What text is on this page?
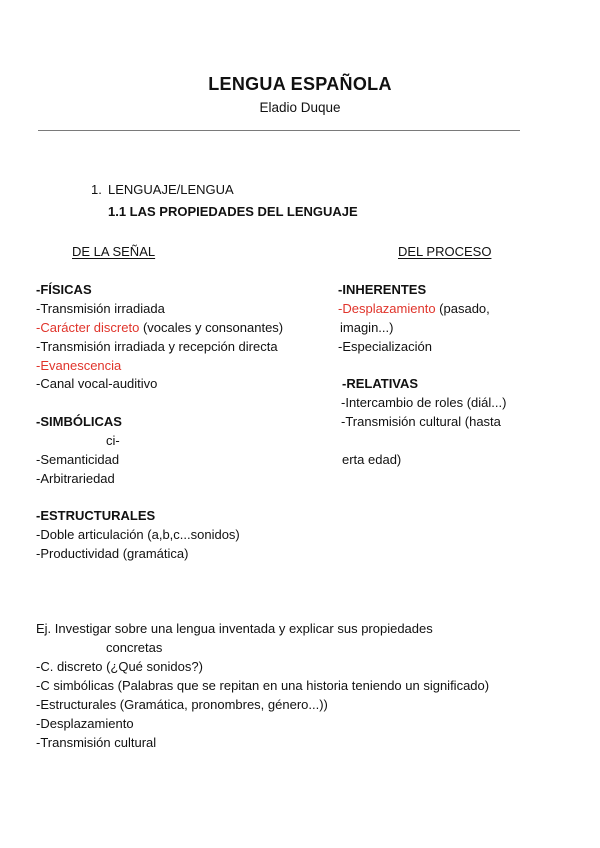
LENGUA ESPAÑOLA
Eladio Duque
1. LENGUAJE/LENGUA
1.1 LAS PROPIEDADES DEL LENGUAJE
DE LA SEÑAL	DEL PROCESO
-FÍSICAS
-Transmisión irradiada
-Carácter discreto (vocales y consonantes)
-Transmisión irradiada y recepción directa
-Evanescencia
-Canal vocal-auditivo
-SIMBÓLICAS
ci-
-Semanticidad
-Arbitrariedad
-ESTRUCTURALES
-Doble articulación (a,b,c...sonidos)
-Productividad (gramática)
-INHERENTES
-Desplazamiento (pasado,
imagin...)
-Especialización
-RELATIVAS
-Intercambio de roles (diál...)
-Transmisión cultural (hasta
erta edad)
Ej. Investigar sobre una lengua inventada y explicar sus propiedades
concretas
-C. discreto (¿Qué sonidos?)
-C simbólicas (Palabras que se repitan en una historia teniendo un significado)
-Estructurales (Gramática, pronombres, género...))
-Desplazamiento
-Transmisión cultural
